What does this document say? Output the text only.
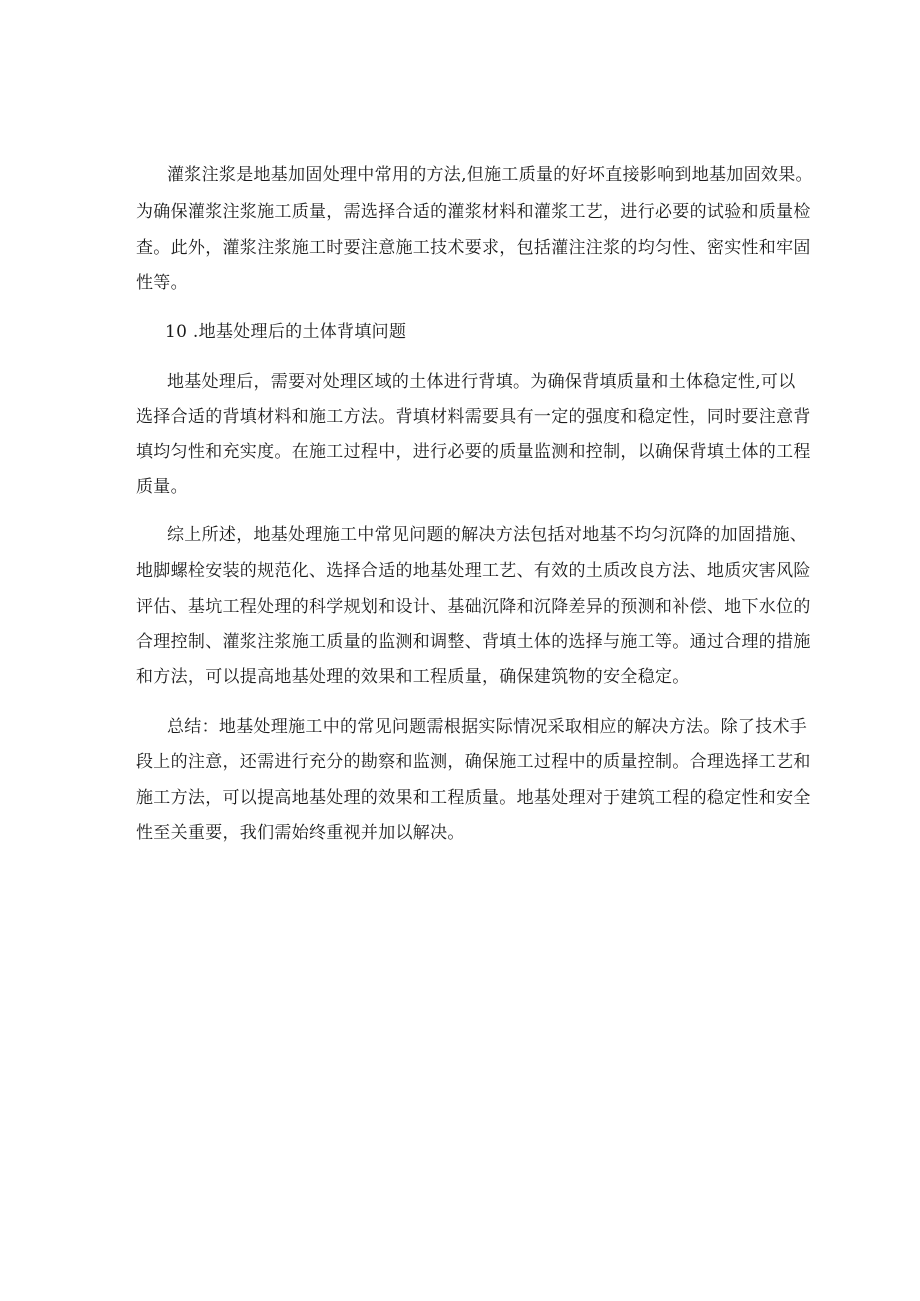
灌浆注浆是地基加固处理中常用的方法,但施工质量的好坏直接影响到地基加固效果。
为确保灌浆注浆施工质量，需选择合适的灌浆材料和灌浆工艺，进行必要的试验和质量检
查。此外，灌浆注浆施工时要注意施工技术要求，包括灌注注浆的均匀性、密实性和牢固
性等。
10 .地基处理后的土体背填问题
地基处理后，需要对处理区域的土体进行背填。为确保背填质量和土体稳定性,可以
选择合适的背填材料和施工方法。背填材料需要具有一定的强度和稳定性，同时要注意背
填均匀性和充实度。在施工过程中，进行必要的质量监测和控制，以确保背填土体的工程
质量。
综上所述，地基处理施工中常见问题的解决方法包括对地基不均匀沉降的加固措施、
地脚螺栓安装的规范化、选择合适的地基处理工艺、有效的土质改良方法、地质灾害风险
评估、基坑工程处理的科学规划和设计、基础沉降和沉降差异的预测和补偿、地下水位的
合理控制、灌浆注浆施工质量的监测和调整、背填土体的选择与施工等。通过合理的措施
和方法，可以提高地基处理的效果和工程质量，确保建筑物的安全稳定。
总结：地基处理施工中的常见问题需根据实际情况采取相应的解决方法。除了技术手
段上的注意，还需进行充分的勘察和监测，确保施工过程中的质量控制。合理选择工艺和
施工方法，可以提高地基处理的效果和工程质量。地基处理对于建筑工程的稳定性和安全
性至关重要，我们需始终重视并加以解决。
